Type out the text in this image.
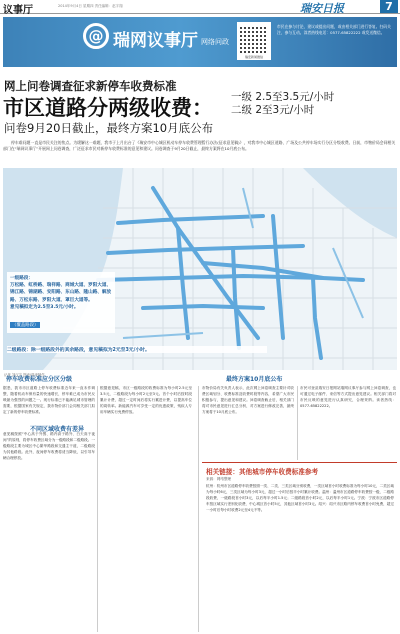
议事厅	2014年9月4日 星期四 责任编辑：赵宇翔	瑞安日报	7
@ 瑞网议事厅 网络问政
瑞安新闻微信
市民在参与讨论，建议或提出问题，或由相关部门进行答复。扫码关注，参与互动。读者热线电话：0577-65822222 或发送微信。
网上问卷调查征求新停车收费标准
市区道路分两级收费： 一级 2.5至3.5元/小时
二级 2至3元/小时
问卷9月20日截止，最终方案10月底公布
停车难问题一直是市民关注的焦点。为缓解这一难题，我市于上月出台了《瑞安市中心城区机动车停车收费管理暂行办法(征求意见稿)》，对我市中心城区道路、广场及公共停车场实行分区分级收费。日前，市物价局会同相关部门在“瑞网议事厅”开展网上问卷调查，广泛征求市民对新停车收费标准的意见和建议。问卷调查于9月20日截止，最终方案将在10月底公布。
一级路段：
万松路、虹桥路、瑞祥路、商城大道、罗阳大道、锦江路、锦湖路、安阳路、东山路、隆山路、解放路、万松东路、罗阳大道、罩巨大道等。
意见稿拟定为2.5至3.5元/小时。
（覆盖路段）
二级路段：除一级路段外的其余路段，意见稿拟为2元至3元/小时。
记者 刘汉宝 图表/周涛制作
停车收费标准应分区分级	最终方案10月底公布
不同区域收费有差异
据悉，我市市区道路上停车收费标准近年来一直未作调整，随着机动车保有量的快速增长，停车难已成为市民反映最为强烈的问题之一。现行标准已不能满足城市管理的需要，根据国家有关规定，我市物价部门会同相关部门拟定了新的停车收费标准。
意见稿按照“中心高于外围、路内高于路外、白天高于夜间”的原则，将停车收费区域分为一级路段和二级路段。一级路段主要为城区中心繁华路段和交通主干道，二级路段为其他路段。此外，夜间停车收费将适当降低，以引导车辆合理停放。
根据意见稿，市区一级路段的收费标准为每小时2.5元至3.5元，二级路段为每小时2元至3元。首个小时后按时段累计计费，超过一定时间后将实行累进计费，以提高车位的周转率。新能源汽车可享受一定的优惠政策，残疾人专用车辆实行免费停放。
市物价局有关负责人表示，此次网上问卷调查主要针对收费区域划分、收费标准及收费时段等内容，希望广大市民积极参与，提出意见和建议。问卷调查截止后，相关部门将对市民意见进行汇总分析，对方案进行修改完善，最终方案将于10月底公布。
市民可登录瑞安日报网站瑞网议事厅参与网上问卷调查，也可通过电子邮件、来信等方式提出意见建议。相关部门将对市民反映的意见进行认真研究，合理采纳。读者热线：0577-65822222。
相关链接：其他城市停车收费标准参考
来源：网络整理
杭州：杭州市区道路停车收费按照一类、二类、三类区域分别收费，一类区域首小时收费标准为每小时10元，二类区域为每小时6元，三类区域为每小时3元，超过一小时后按半小时累计收费。温州：温州市区道路停车收费按一级、二级路段收费，一级路段首小时3元，以后每半小时1.5元；二级路段首小时2元，以后每半小时1元。宁波：宁波市区道路停车按区域实行差别化收费，中心城区首小时5元，其他区域首小时3元。绍兴：绍兴市区路内停车收费首小时免费，超过一小时后每小时收费2元至4元不等。
